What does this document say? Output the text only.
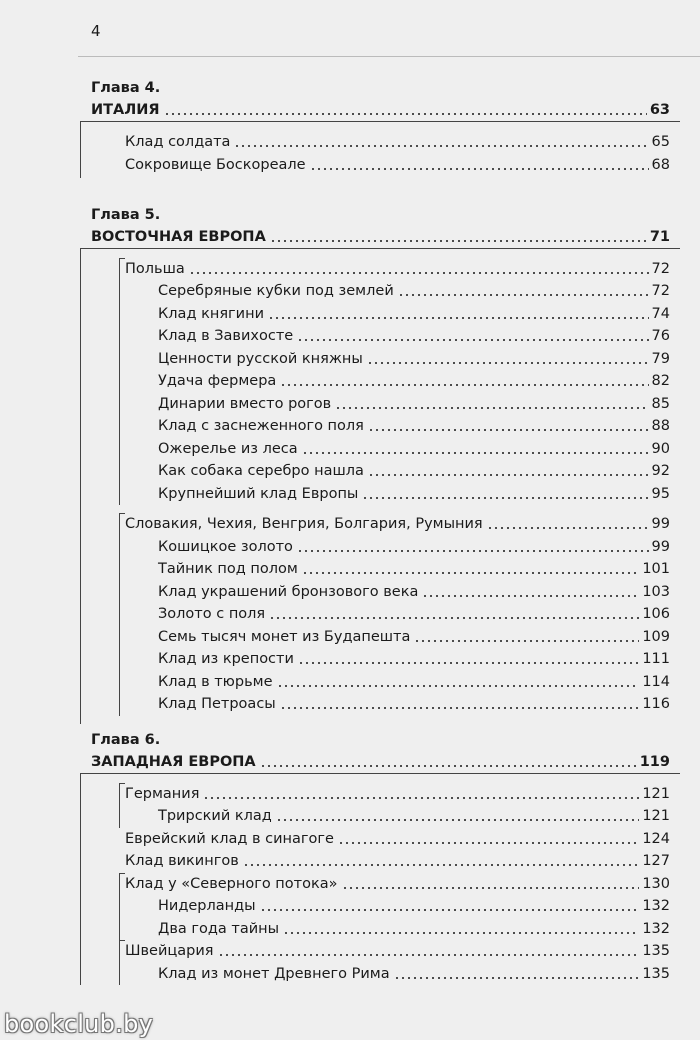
4
Глава 4.
ИТАЛИЯ	63
Клад солдата	65
Сокровище Боскореале	68
Глава 5.
ВОСТОЧНАЯ ЕВРОПА	71
Польша	72
Серебряные кубки под землей	72
Клад княгини	74
Клад в Завихосте	76
Ценности русской княжны	79
Удача фермера	82
Динарии вместо рогов	85
Клад с заснеженного поля	88
Ожерелье из леса	90
Как собака серебро нашла	92
Крупнейший клад Европы	95
Словакия, Чехия, Венгрия, Болгария, Румыния	99
Кошицкое золото	99
Тайник под полом	101
Клад украшений бронзового века	103
Золото с поля	106
Семь тысяч монет из Будапешта	109
Клад из крепости	111
Клад в тюрьме	114
Клад Петроасы	116
Глава 6.
ЗАПАДНАЯ ЕВРОПА	119
Германия	121
Трирский клад	121
Еврейский клад в синагоге	124
Клад викингов	127
Клад у «Северного потока»	130
Нидерланды	132
Два года тайны	132
Швейцария	135
Клад из монет Древнего Рима	135
bookclub.by
